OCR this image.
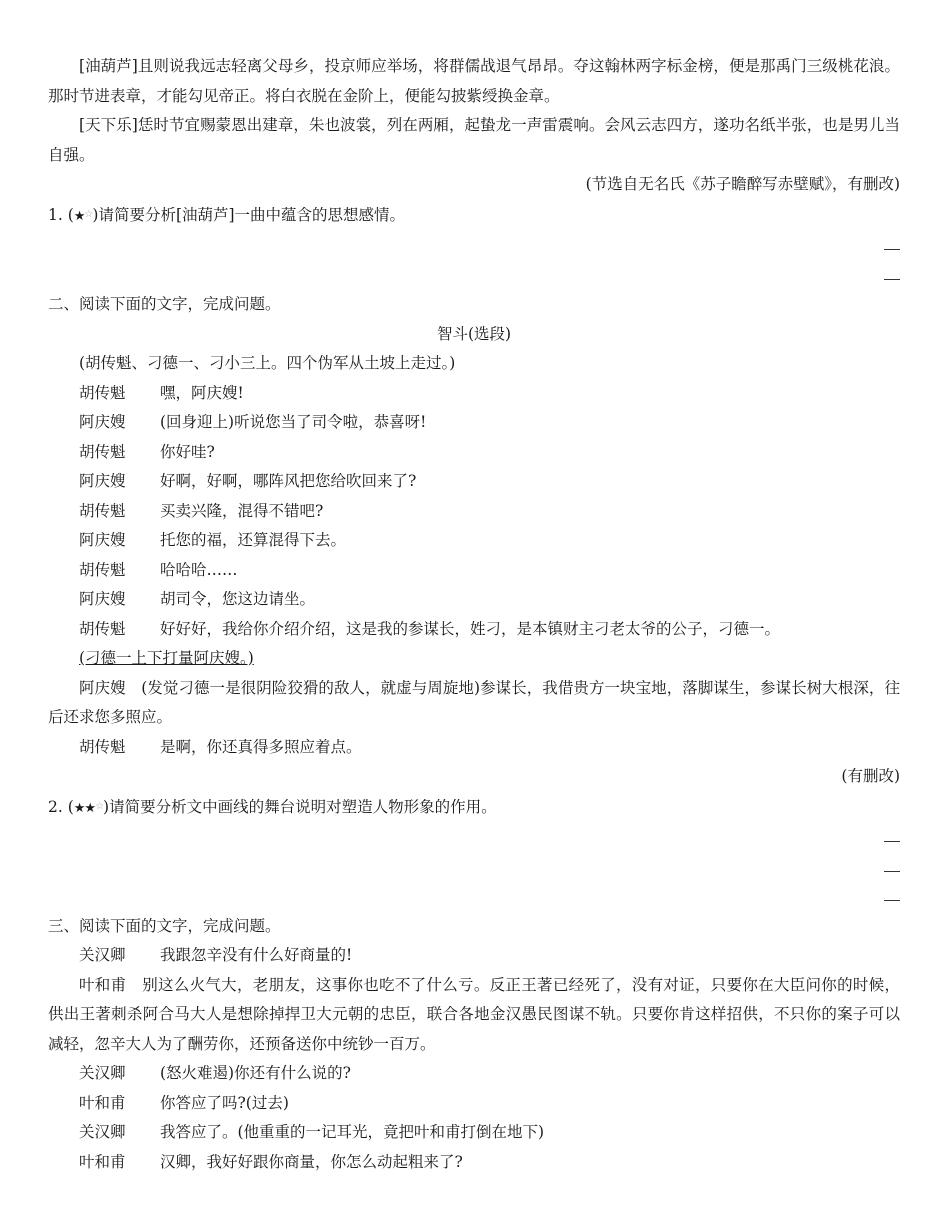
[油葫芦]且则说我远志轻离父母乡，投京师应举场，将群儒战退气昂昂。夺这翰林两字标金榜，便是那禹门三级桃花浪。那时节进表章，才能勾见帝正。将白衣脱在金阶上，便能勾披紫绶换金章。
[天下乐]恁时节宜赐蒙恩出建章，朱也波裳，列在两厢，起蛰龙一声雷震响。会风云志四方，遂功名纸半张，也是男儿当自强。
(节选自无名氏《苏子瞻醉写赤壁赋》，有删改)
1. (★☆)请简要分析[油葫芦]一曲中蕴含的思想感情。
二、阅读下面的文字，完成问题。
智斗(选段)
(胡传魁、刁德一、刁小三上。四个伪军从土坡上走过。)
胡传魁 嘿，阿庆嫂!
阿庆嫂 (回身迎上)听说您当了司令啦，恭喜呀!
胡传魁 你好哇?
阿庆嫂 好啊，好啊，哪阵风把您给吹回来了?
胡传魁 买卖兴隆，混得不错吧?
阿庆嫂 托您的福，还算混得下去。
胡传魁 哈哈哈……
阿庆嫂 胡司令，您这边请坐。
胡传魁 好好好，我给你介绍介绍，这是我的参谋长，姓刁，是本镇财主刁老太爷的公子，刁德一。
(刁德一上下打量阿庆嫂。)
阿庆嫂　 (发觉刁德一是很阴险狡猾的敌人，就虚与周旋地)参谋长，我借贵方一块宝地，落脚谋生，参谋长树大根深，往后还求您多照应。
胡传魁 是啊，你还真得多照应着点。
(有删改)
2. (★★☆)请简要分析文中画线的舞台说明对塑造人物形象的作用。
三、阅读下面的文字，完成问题。
关汉卿 我跟忽辛没有什么好商量的!
叶和甫　 别这么火气大，老朋友，这事你也吃不了什么亏。反正王著已经死了，没有对证，只要你在大臣问你的时候，供出王著刺杀阿合马大人是想除掉捍卫大元朝的忠臣，联合各地金汉愚民图谋不轨。只要你肯这样招供，不只你的案子可以减轻，忽辛大人为了酬劳你，还预备送你中统钞一百万。
关汉卿 (怒火难遏)你还有什么说的?
叶和甫 你答应了吗?(过去)
关汉卿 我答应了。(他重重的一记耳光，竟把叶和甫打倒在地下)
叶和甫 汉卿，我好好跟你商量，你怎么动起粗来了?
